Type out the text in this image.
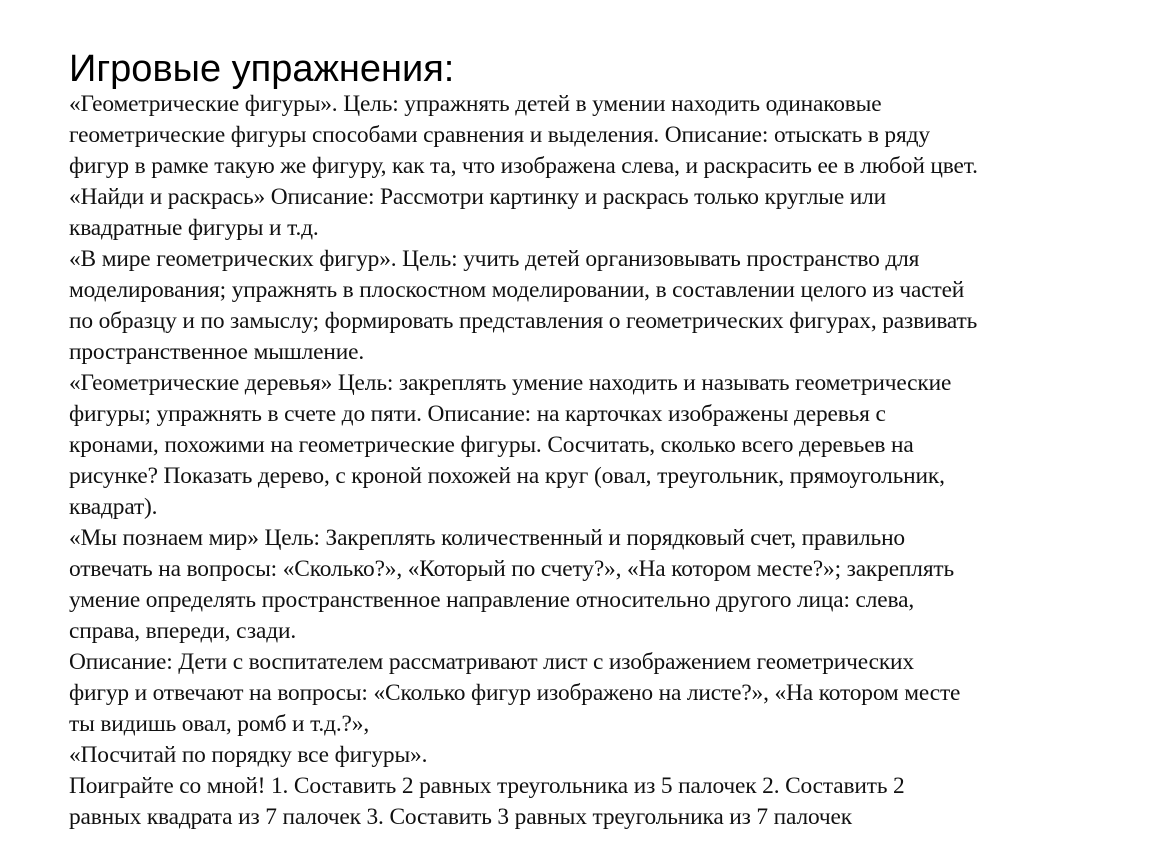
Игровые упражнения:
«Геометрические фигуры». Цель: упражнять детей в умении находить одинаковые
геометрические фигуры способами сравнения и выделения. Описание: отыскать в ряду
фигур в рамке такую же фигуру, как та, что изображена слева, и раскрасить ее в любой цвет.
«Найди и раскрась» Описание: Рассмотри картинку и раскрась только круглые или
квадратные фигуры и т.д.
«В мире геометрических фигур». Цель: учить детей организовывать пространство для
моделирования; упражнять в плоскостном моделировании, в составлении целого из частей
по образцу и по замыслу; формировать представления о геометрических фигурах, развивать
пространственное мышление.
«Геометрические деревья» Цель: закреплять умение находить и называть геометрические
фигуры; упражнять в счете до пяти. Описание: на карточках изображены деревья с
кронами, похожими на геометрические фигуры. Сосчитать, сколько всего деревьев на
рисунке? Показать дерево, с кроной похожей на круг (овал, треугольник, прямоугольник,
квадрат).
«Мы познаем мир» Цель: Закреплять количественный и порядковый счет, правильно
отвечать на вопросы: «Сколько?», «Который по счету?», «На котором месте?»; закреплять
умение определять пространственное направление относительно другого лица: слева,
справа, впереди, сзади.
Описание: Дети с воспитателем рассматривают лист с изображением геометрических
фигур и отвечают на вопросы: «Сколько фигур изображено на листе?», «На котором месте
ты видишь овал, ромб и т.д.?»,
«Посчитай по порядку все фигуры».
Поиграйте со мной! 1. Составить 2 равных треугольника из 5 палочек 2. Составить 2
равных квадрата из 7 палочек 3. Составить 3 равных треугольника из 7 палочек
